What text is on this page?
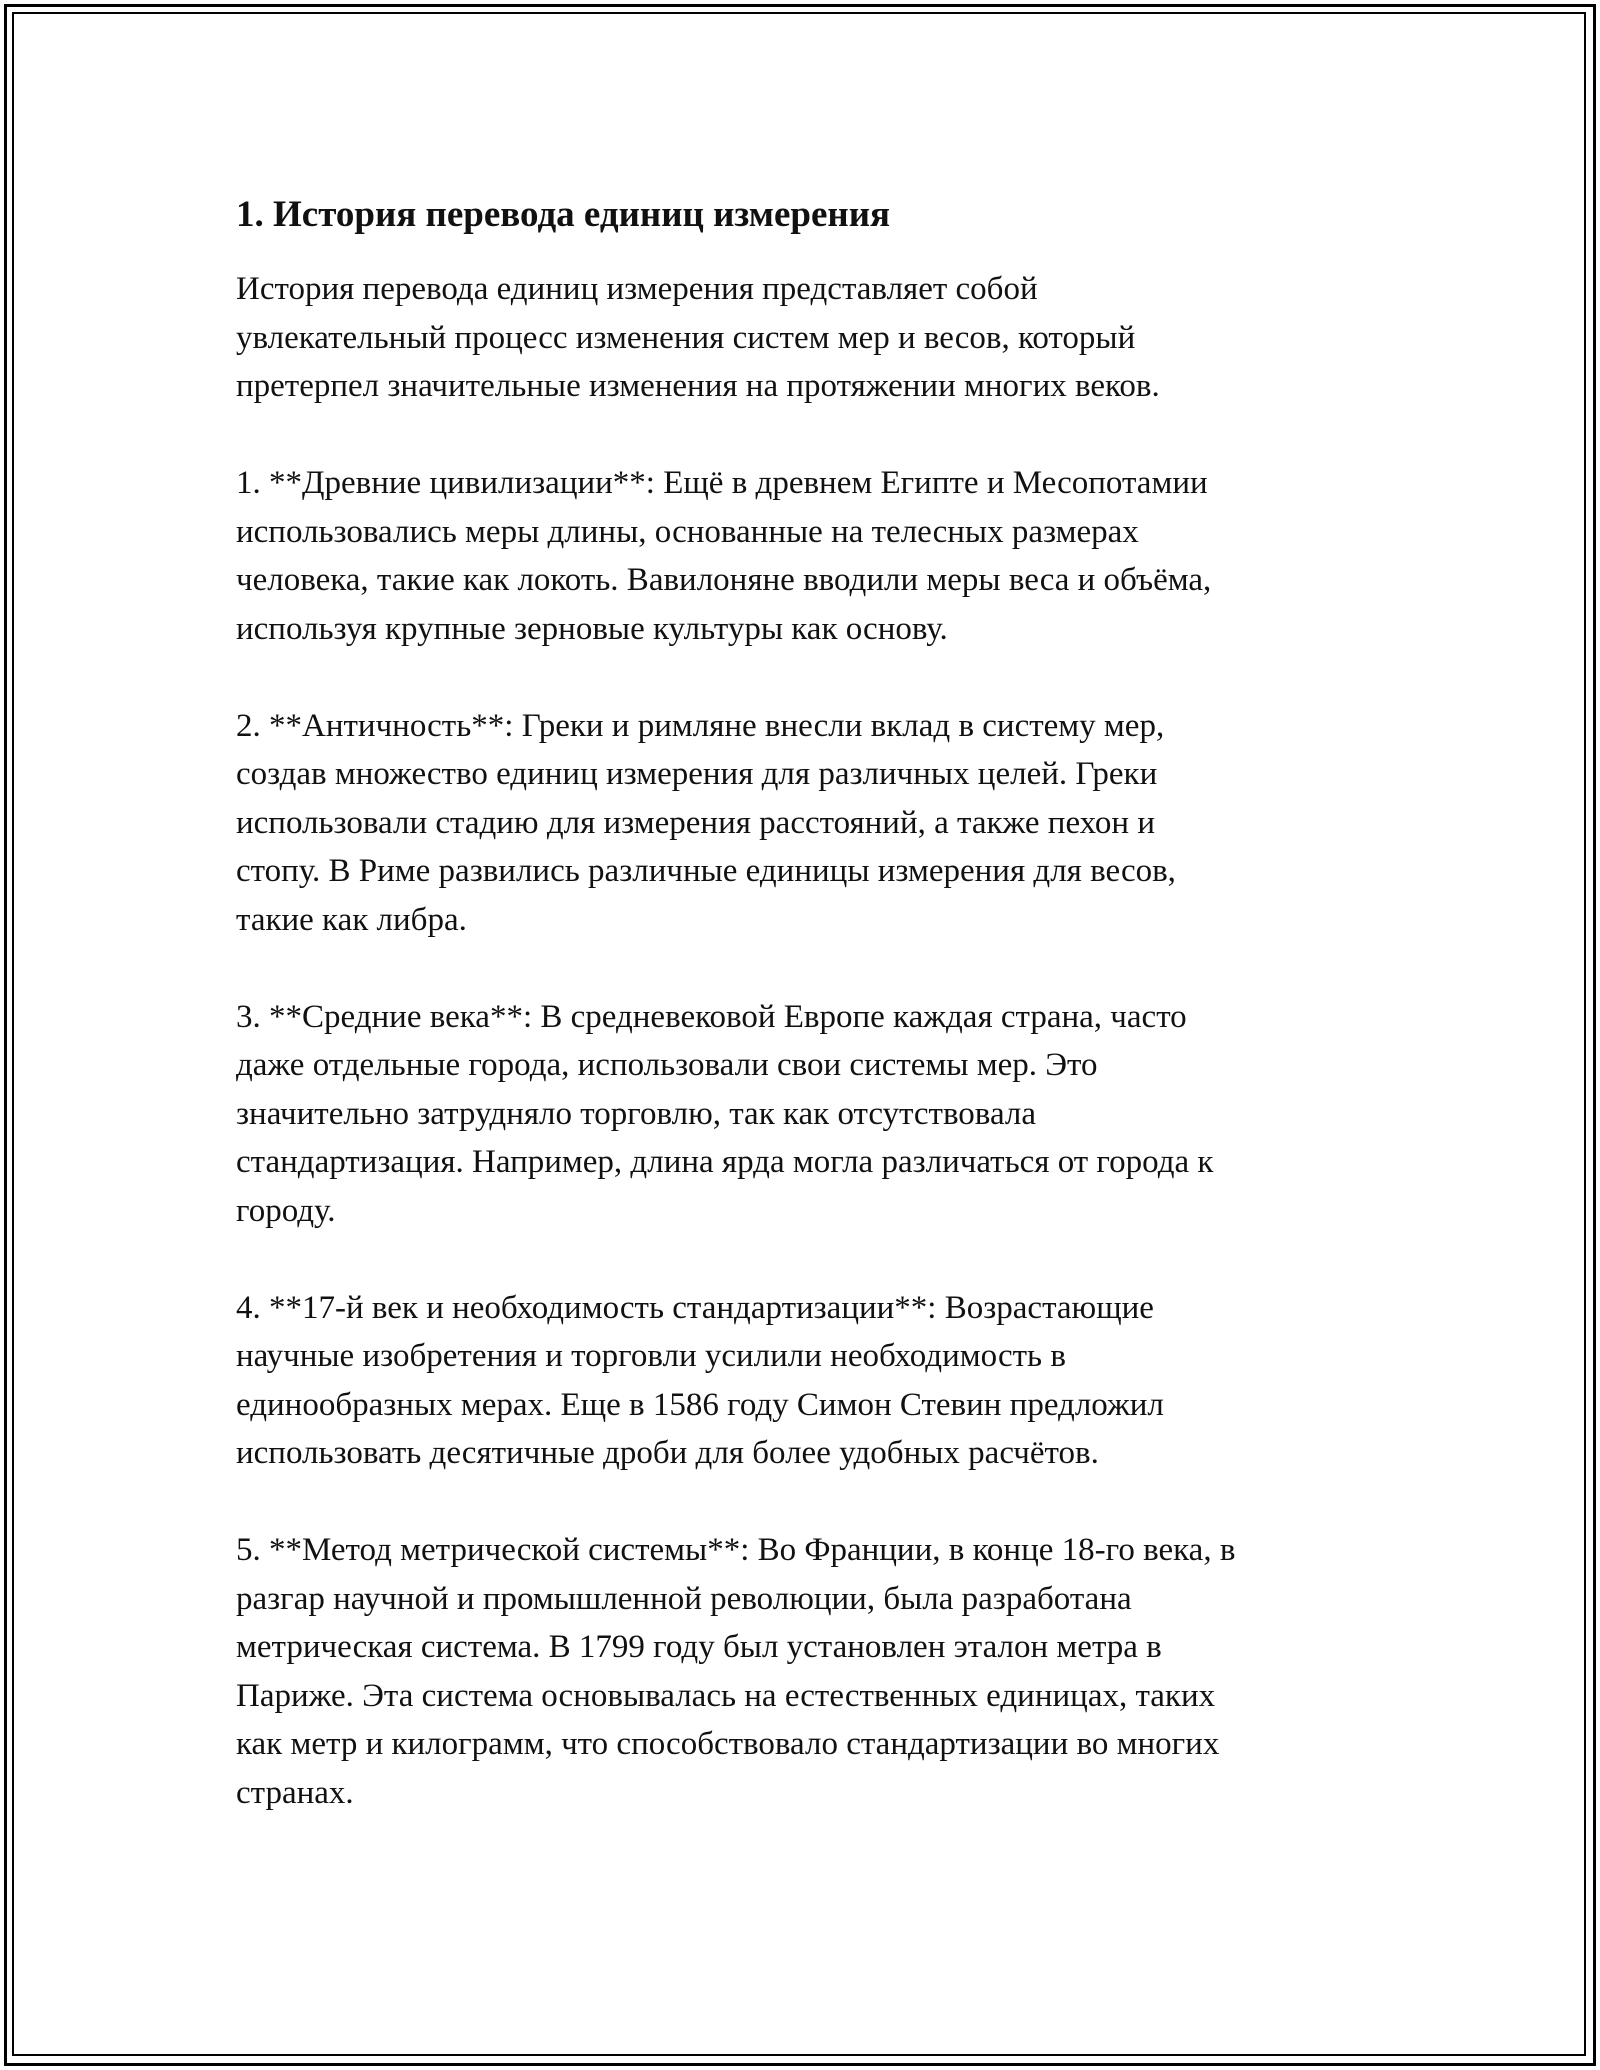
1. История перевода единиц измерения

История перевода единиц измерения представляет собой
увлекательный процесс изменения систем мер и весов, который
претерпел значительные изменения на протяжении многих веков.

1. **Древние цивилизации**: Ещё в древнем Египте и Месопотамии
использовались меры длины, основанные на телесных размерах
человека, такие как локоть. Вавилоняне вводили меры веса и объёма,
используя крупные зерновые культуры как основу.

2. **Античность**: Греки и римляне внесли вклад в систему мер,
создав множество единиц измерения для различных целей. Греки
использовали стадию для измерения расстояний, а также пехон и
стопу. В Риме развились различные единицы измерения для весов,
такие как либра.

3. **Средние века**: В средневековой Европе каждая страна, часто
даже отдельные города, использовали свои системы мер. Это
значительно затрудняло торговлю, так как отсутствовала
стандартизация. Например, длина ярда могла различаться от города к
городу.

4. **17-й век и необходимость стандартизации**: Возрастающие
научные изобретения и торговли усилили необходимость в
единообразных мерах. Еще в 1586 году Симон Стевин предложил
использовать десятичные дроби для более удобных расчётов.

5. **Метод метрической системы**: Во Франции, в конце 18-го века, в
разгар научной и промышленной революции, была разработана
метрическая система. В 1799 году был установлен эталон метра в
Париже. Эта система основывалась на естественных единицах, таких
как метр и килограмм, что способствовало стандартизации во многих
странах.
